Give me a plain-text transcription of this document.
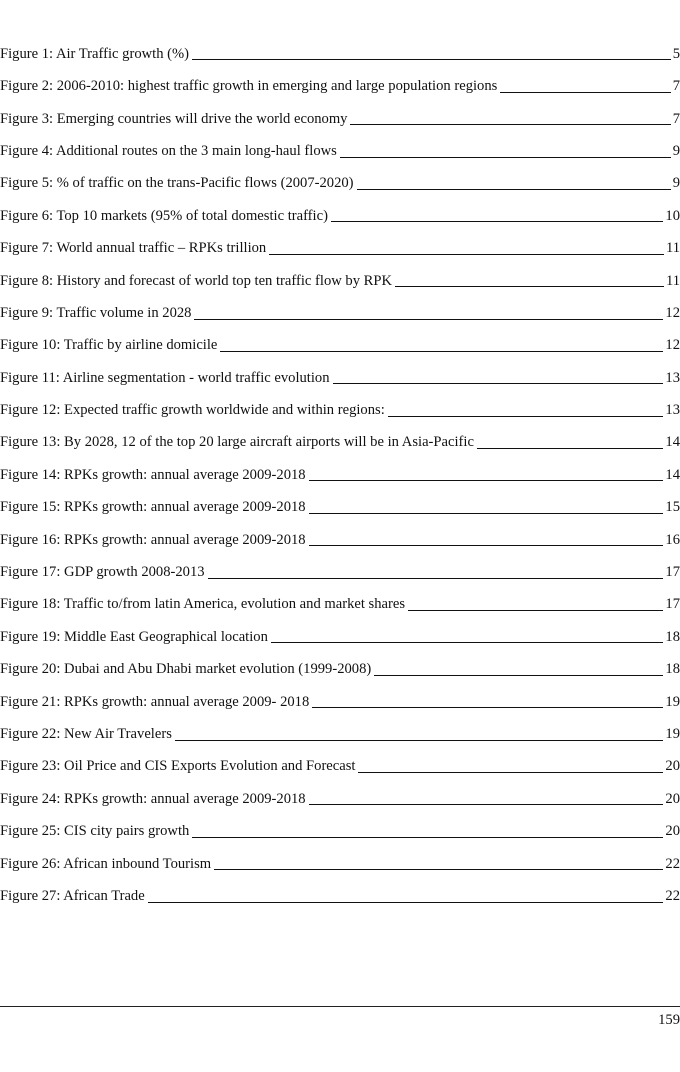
Figure 1: Air Traffic growth (%)	5
Figure 2: 2006-2010: highest traffic growth in emerging and large population regions	7
Figure 3: Emerging countries will drive the world economy	7
Figure 4: Additional routes on the 3 main long-haul flows	9
Figure 5: % of traffic on the trans-Pacific flows (2007-2020)	9
Figure 6: Top 10 markets (95% of total domestic traffic)	10
Figure 7: World annual traffic – RPKs trillion	11
Figure 8: History and forecast of world top ten traffic flow by RPK	11
Figure 9: Traffic volume in 2028	12
Figure 10: Traffic by airline domicile	12
Figure 11: Airline segmentation - world traffic evolution	13
Figure 12: Expected traffic growth worldwide and within regions:	13
Figure 13: By 2028, 12 of the top 20 large aircraft airports will be in Asia-Pacific	14
Figure 14: RPKs growth: annual average 2009-2018	14
Figure 15: RPKs growth: annual average 2009-2018	15
Figure 16: RPKs growth: annual average 2009-2018	16
Figure 17: GDP growth 2008-2013	17
Figure 18: Traffic to/from latin America, evolution and market shares	17
Figure 19: Middle East Geographical location	18
Figure 20: Dubai and Abu Dhabi market evolution (1999-2008)	18
Figure 21: RPKs growth: annual average 2009- 2018	19
Figure 22: New Air Travelers	19
Figure 23: Oil Price and CIS Exports Evolution and Forecast	20
Figure 24: RPKs growth: annual average 2009-2018	20
Figure 25: CIS city pairs growth	20
Figure 26: African inbound Tourism	22
Figure 27: African Trade	22
159
